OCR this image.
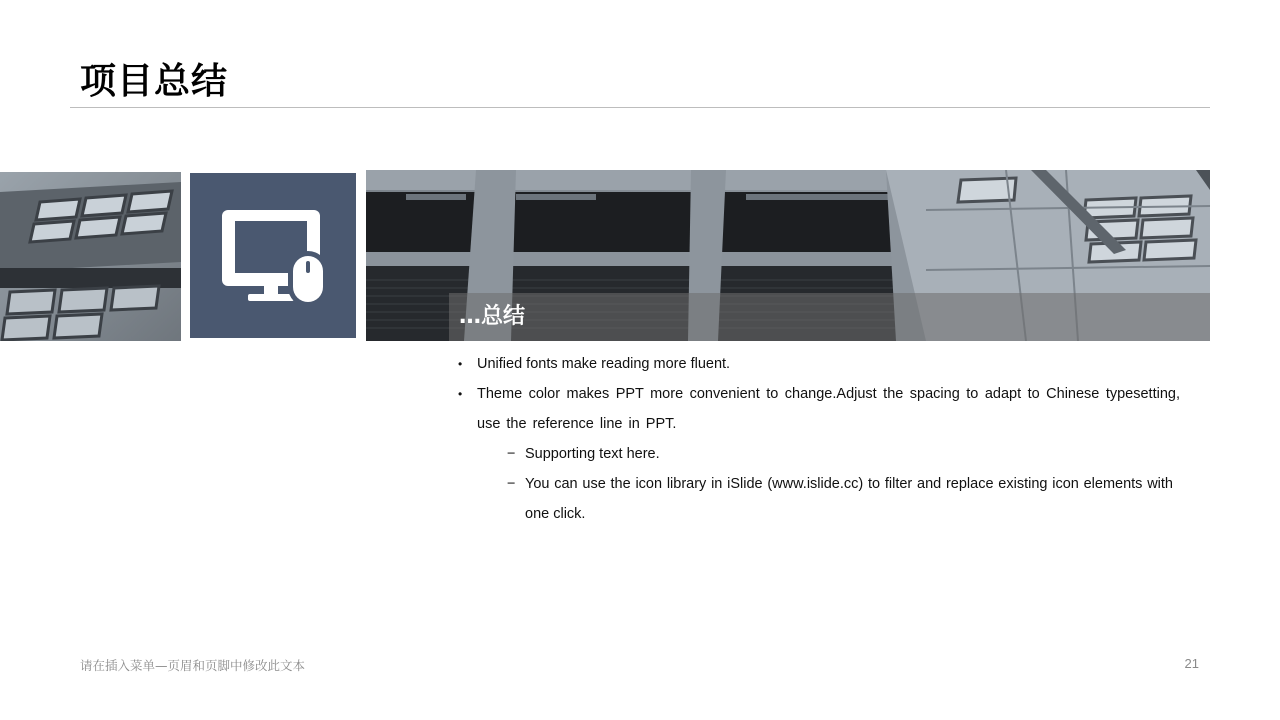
项目总结
…总结
• Unified fonts make reading more fluent.
• Theme color makes PPT more convenient to change.Adjust the spacing to adapt to Chinese typesetting, use the reference line in PPT.
− Supporting text here.
− You can use the icon library in iSlide (www.islide.cc) to filter and replace existing icon elements with one click.
请在插入菜单—页眉和页脚中修改此文本	21
